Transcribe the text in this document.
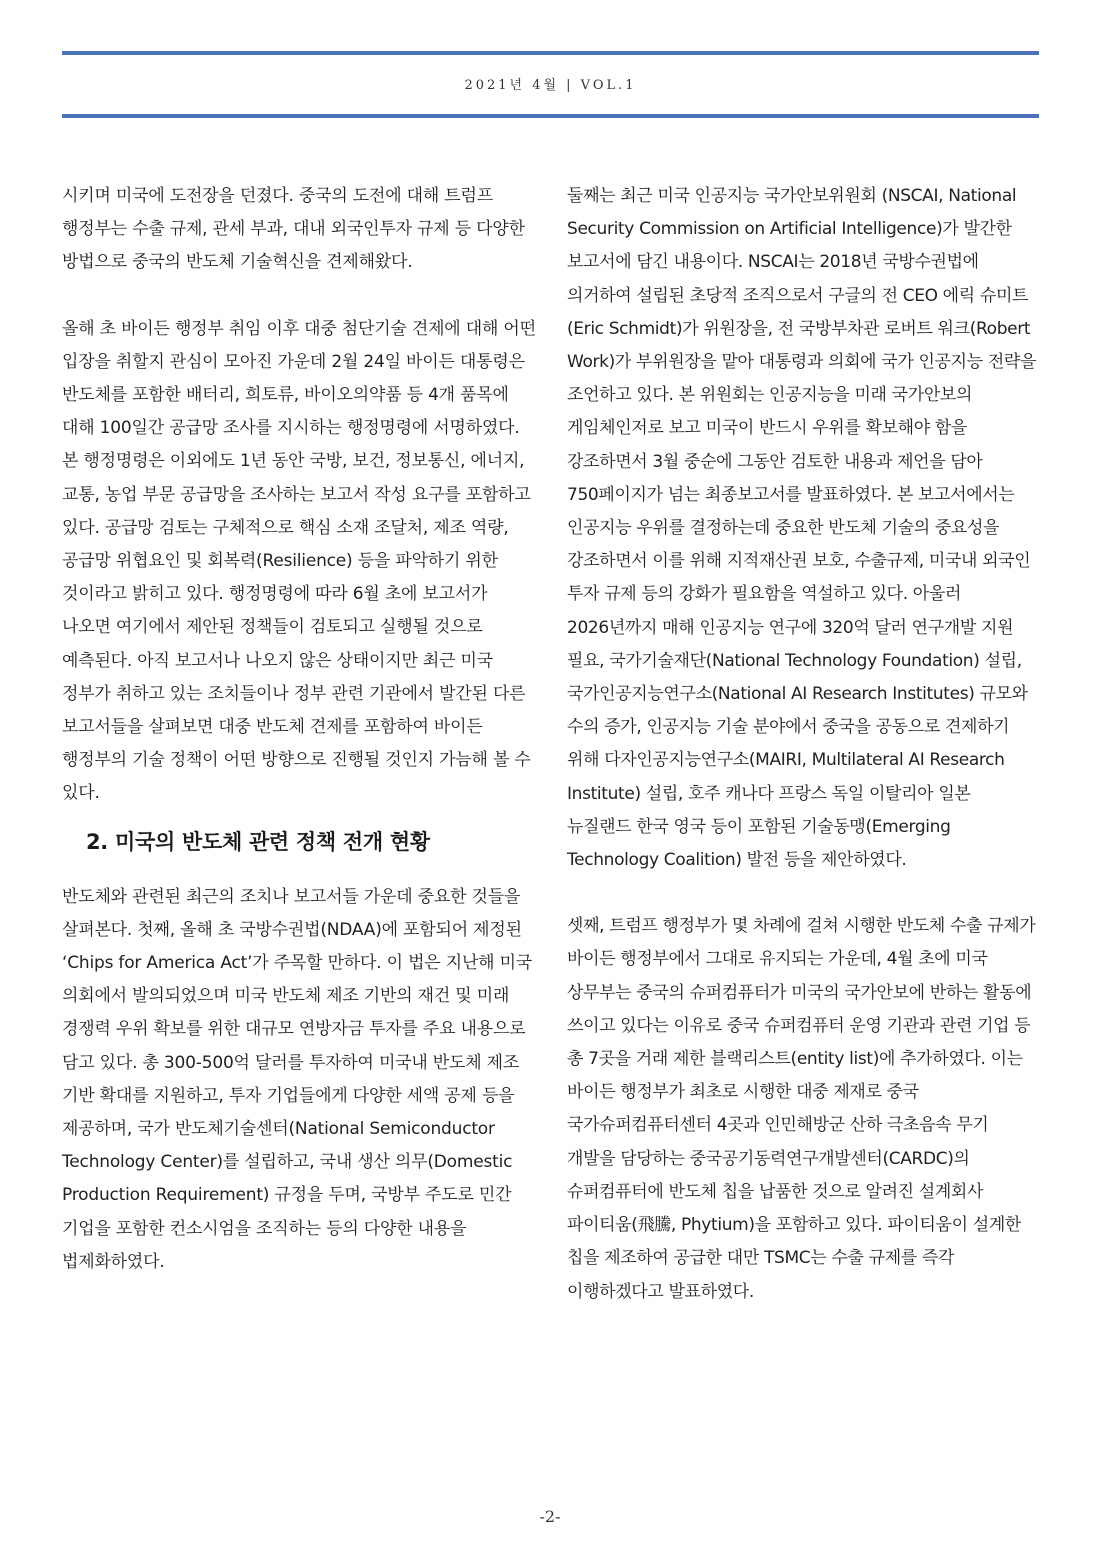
2021년 4월 | VOL.1

시키며 미국에 도전장을 던졌다. 중국의 도전에 대해 트럼프 행정부는 수출 규제, 관세 부과, 대내 외국인투자 규제 등 다양한 방법으로 중국의 반도체 기술혁신을 견제해왔다.

올해 초 바이든 행정부 취임 이후 대중 첨단기술 견제에 대해 어떤 입장을 취할지 관심이 모아진 가운데 2월 24일 바이든 대통령은 반도체를 포함한 배터리, 희토류, 바이오의약품 등 4개 품목에 대해 100일간 공급망 조사를 지시하는 행정명령에 서명하였다. 본 행정명령은 이외에도 1년 동안 국방, 보건, 정보통신, 에너지, 교통, 농업 부문 공급망을 조사하는 보고서 작성 요구를 포함하고 있다. 공급망 검토는 구체적으로 핵심 소재 조달처, 제조 역량, 공급망 위협요인 및 회복력(Resilience) 등을 파악하기 위한 것이라고 밝히고 있다. 행정명령에 따라 6월 초에 보고서가 나오면 여기에서 제안된 정책들이 검토되고 실행될 것으로 예측된다. 아직 보고서나 나오지 않은 상태이지만 최근 미국 정부가 취하고 있는 조치들이나 정부 관련 기관에서 발간된 다른 보고서들을 살펴보면 대중 반도체 견제를 포함하여 바이든 행정부의 기술 정책이 어떤 방향으로 진행될 것인지 가늠해 볼 수 있다.

2. 미국의 반도체 관련 정책 전개 현황

반도체와 관련된 최근의 조치나 보고서들 가운데 중요한 것들을 살펴본다. 첫째, 올해 초 국방수권법(NDAA)에 포함되어 제정된 ‘Chips for America Act’가 주목할 만하다. 이 법은 지난해 미국 의회에서 발의되었으며 미국 반도체 제조 기반의 재건 및 미래 경쟁력 우위 확보를 위한 대규모 연방자금 투자를 주요 내용으로 담고 있다. 총 300-500억 달러를 투자하여 미국내 반도체 제조 기반 확대를 지원하고, 투자 기업들에게 다양한 세액 공제 등을 제공하며, 국가 반도체기술센터(National Semiconductor Technology Center)를 설립하고, 국내 생산 의무(Domestic Production Requirement) 규정을 두며, 국방부 주도로 민간 기업을 포함한 컨소시엄을 조직하는 등의 다양한 내용을 법제화하였다.

둘째는 최근 미국 인공지능 국가안보위원회 (NSCAI, National Security Commission on Artificial Intelligence)가 발간한 보고서에 담긴 내용이다. NSCAI는 2018년 국방수권법에 의거하여 설립된 초당적 조직으로서 구글의 전 CEO 에릭 슈미트(Eric Schmidt)가 위원장을, 전 국방부차관 로버트 워크(Robert Work)가 부위원장을 맡아 대통령과 의회에 국가 인공지능 전략을 조언하고 있다. 본 위원회는 인공지능을 미래 국가안보의 게임체인저로 보고 미국이 반드시 우위를 확보해야 함을 강조하면서 3월 중순에 그동안 검토한 내용과 제언을 담아 750페이지가 넘는 최종보고서를 발표하였다. 본 보고서에서는 인공지능 우위를 결정하는데 중요한 반도체 기술의 중요성을 강조하면서 이를 위해 지적재산권 보호, 수출규제, 미국내 외국인 투자 규제 등의 강화가 필요함을 역설하고 있다. 아울러 2026년까지 매해 인공지능 연구에 320억 달러 연구개발 지원 필요, 국가기술재단(National Technology Foundation) 설립, 국가인공지능연구소(National AI Research Institutes) 규모와 수의 증가, 인공지능 기술 분야에서 중국을 공동으로 견제하기 위해 다자인공지능연구소(MAIRI, Multilateral AI Research Institute) 설립, 호주 캐나다 프랑스 독일 이탈리아 일본 뉴질랜드 한국 영국 등이 포함된 기술동맹(Emerging Technology Coalition) 발전 등을 제안하였다.

셋째, 트럼프 행정부가 몇 차례에 걸쳐 시행한 반도체 수출 규제가 바이든 행정부에서 그대로 유지되는 가운데, 4월 초에 미국 상무부는 중국의 슈퍼컴퓨터가 미국의 국가안보에 반하는 활동에 쓰이고 있다는 이유로 중국 슈퍼컴퓨터 운영 기관과 관련 기업 등 총 7곳을 거래 제한 블랙리스트(entity list)에 추가하였다. 이는 바이든 행정부가 최초로 시행한 대중 제재로 중국 국가슈퍼컴퓨터센터 4곳과 인민해방군 산하 극초음속 무기 개발을 담당하는 중국공기동력연구개발센터(CARDC)의 슈퍼컴퓨터에 반도체 칩을 납품한 것으로 알려진 설계회사 파이티움(飛騰, Phytium)을 포함하고 있다. 파이티움이 설계한 칩을 제조하여 공급한 대만 TSMC는 수출 규제를 즉각 이행하겠다고 발표하였다.

-2-
